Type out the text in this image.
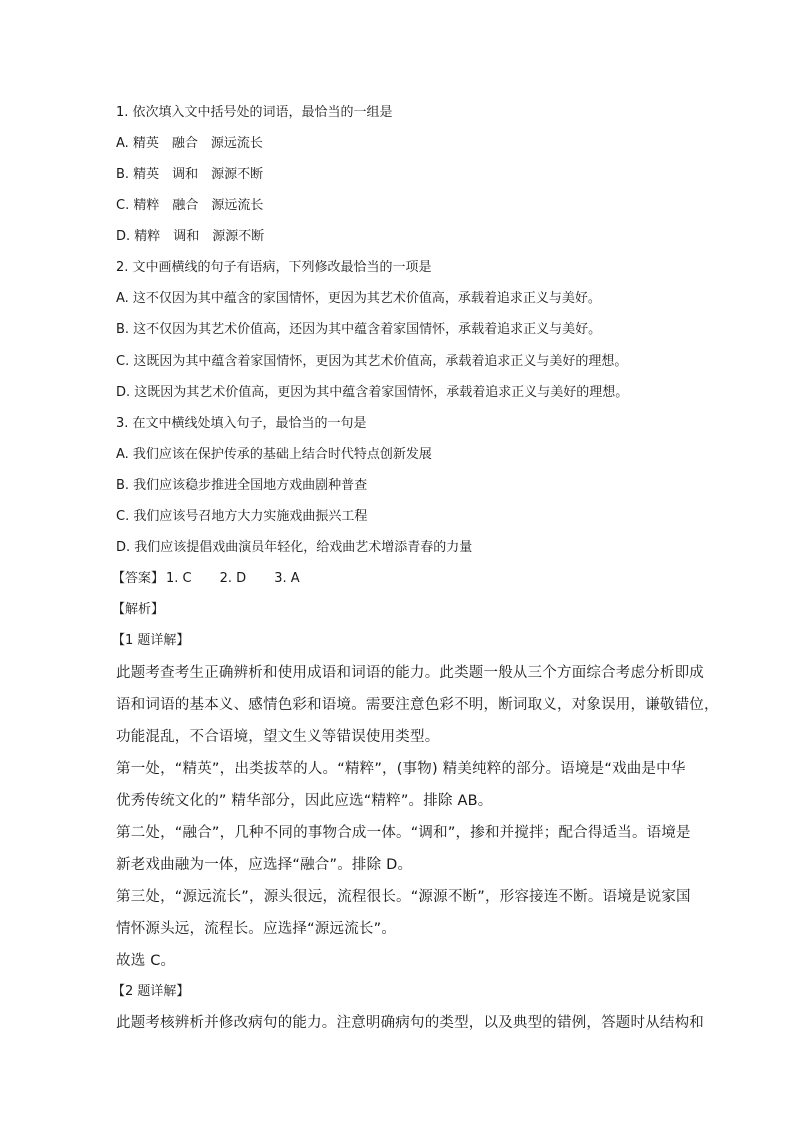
1. 依次填入文中括号处的词语，最恰当的一组是
A. 精英　融合　源远流长
B. 精英　调和　源源不断
C. 精粹　融合　源远流长
D. 精粹　调和　源源不断
2. 文中画横线的句子有语病，下列修改最恰当的一项是
A. 这不仅因为其中蕴含的家国情怀，更因为其艺术价值高，承载着追求正义与美好。
B. 这不仅因为其艺术价值高，还因为其中蕴含着家国情怀，承载着追求正义与美好。
C. 这既因为其中蕴含着家国情怀，更因为其艺术价值高，承载着追求正义与美好的理想。
D. 这既因为其艺术价值高，更因为其中蕴含着家国情怀，承载着追求正义与美好的理想。
3. 在文中横线处填入句子，最恰当的一句是
A. 我们应该在保护传承的基础上结合时代特点创新发展
B. 我们应该稳步推进全国地方戏曲剧种普查
C. 我们应该号召地方大力实施戏曲振兴工程
D. 我们应该提倡戏曲演员年轻化，给戏曲艺术增添青春的力量
【答案】 1. C 2. D 3. A
【解析】
【1 题详解】
此题考查考生正确辨析和使用成语和词语的能力。此类题一般从三个方面综合考虑分析即成
语和词语的基本义、感情色彩和语境。需要注意色彩不明，断词取义，对象误用，谦敬错位，
功能混乱，不合语境，望文生义等错误使用类型。
第一处，“精英”，出类拔萃的人。“精粹”，(事物) 精美纯粹的部分。语境是“戏曲是中华
优秀传统文化的” 精华部分，因此应选“精粹”。排除 AB。
第二处，“融合”，几种不同的事物合成一体。“调和”，掺和并搅拌；配合得适当。语境是
新老戏曲融为一体，应选择“融合”。排除 D。
第三处，“源远流长”，源头很远，流程很长。“源源不断”，形容接连不断。语境是说家国
情怀源头远，流程长。应选择“源远流长”。
故选 C。
【2 题详解】
此题考核辨析并修改病句的能力。注意明确病句的类型，以及典型的错例，答题时从结构和
